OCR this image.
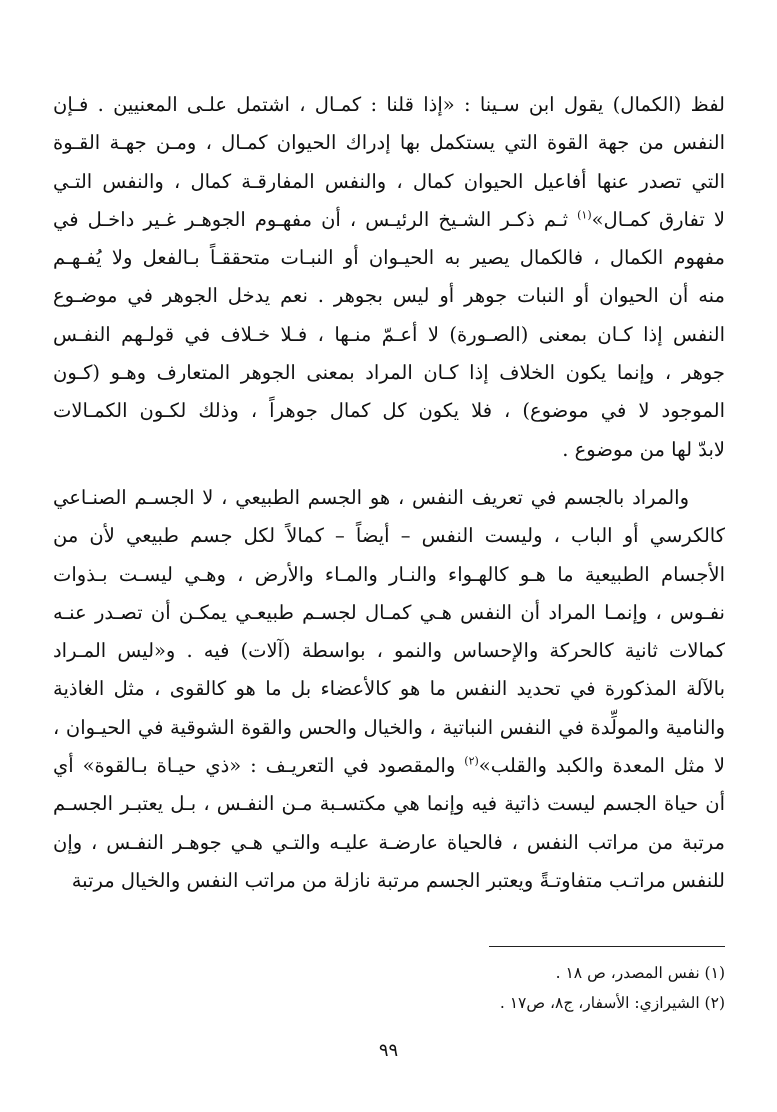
لفظ (الكمال) يقول ابن سـينا : «إذا قلنا : كمـال ، اشتمل علـى المعنيين . فـإن
النفس من جهة القوة التي يستكمل بها إدراك الحيوان كمـال ، ومـن جهـة القـوة
التي تصدر عنها أفاعيل الحيوان كمال ، والنفس المفارقـة كمال ، والنفس التـي
لا تفارق كمـال»$^{(١)}$ ثـم ذكـر الشـيخ الرئيـس ، أن مفهـوم الجوهـر غـير داخـل في
مفهوم الكمال ، فالكمال يصير به الحيـوان أو النبـات متحققـاً بـالفعل ولا يُفـهـم
منه أن الحيوان أو النبات جوهر أو ليس بجوهر . نعم يدخل الجوهر في موضـوع
النفس إذا كـان بمعنى (الصـورة) لا أعـمّ منـها ، فـلا خـلاف في قولـهم النفـس
جوهر ، وإنما يكون الخلاف إذا كـان المراد بمعنى الجوهر المتعارف وهـو (كـون
الموجود لا في موضوع) ، فلا يكون كل كمال جوهراً ، وذلك لكـون الكمـالات
لابدّ لها من موضوع .
والمراد بالجسم في تعريف النفس ، هو الجسم الطبيعي ، لا الجسـم الصنـاعي
كالكرسي أو الباب ، وليست النفس – أيضاً – كمالاً لكل جسم طبيعي لأن من
الأجسام الطبيعية ما هـو كالهـواء والنـار والمـاء والأرض ، وهـي ليسـت بـذوات
نفـوس ، وإنمـا المراد أن النفس هـي كمـال لجسـم طبيعـي يمكـن أن تصـدر عنـه
كمالات ثانية كالحركة والإحساس والنمو ، بواسطة (آلات) فيه . و«ليس المـراد
بالآلة المذكورة في تحديد النفس ما هو كالأعضاء بل ما هو كالقوى ، مثل الغاذية
والنامية والمولِّدة في النفس النباتية ، والخيال والحس والقوة الشوقية في الحيـوان ،
لا مثل المعدة والكبد والقلب»$^{(٢)}$ والمقصود في التعريـف : «ذي حيـاة بـالقوة» أي
أن حياة الجسم ليست ذاتية فيه وإنما هي مكتسـبة مـن النفـس ، بـل يعتبـر الجسـم
مرتبة من مراتب النفس ، فالحياة عارضـة عليـه والتـي هـي جوهـر النفـس ، وإن
للنفس مراتـب متفاوتـةً ويعتبر الجسم مرتبة نازلة من مراتب النفس والخيال مرتبة
(١) نفس المصدر، ص ١٨ .
(٢) الشيرازي: الأسفار، ج٨، ص١٧ .
٩٩
